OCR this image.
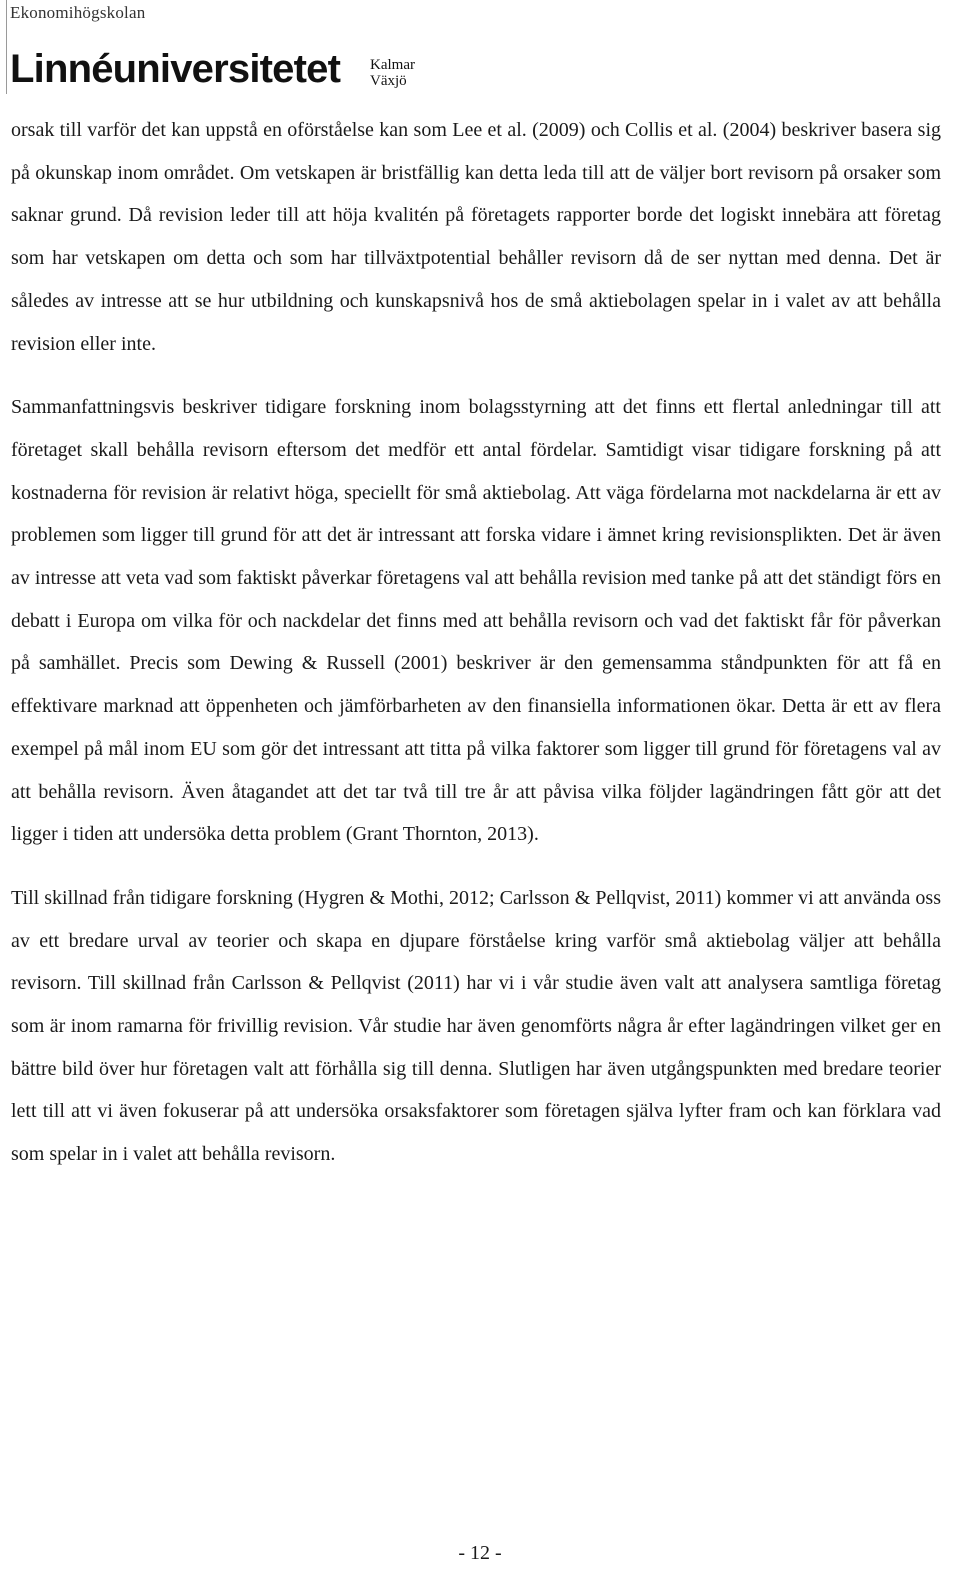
Ekonomihögskolan
Linnéuniversitetet Kalmar
Växjö

orsak till varför det kan uppstå en oförståelse kan som Lee et al. (2009) och Collis et al. (2004) beskriver basera sig på okunskap inom området. Om vetskapen är bristfällig kan detta leda till att de väljer bort revisorn på orsaker som saknar grund. Då revision leder till att höja kvalitén på företagets rapporter borde det logiskt innebära att företag som har vetskapen om detta och som har tillväxtpotential behåller revisorn då de ser nyttan med denna. Det är således av intresse att se hur utbildning och kunskapsnivå hos de små aktiebolagen spelar in i valet av att behålla revision eller inte.

Sammanfattningsvis beskriver tidigare forskning inom bolagsstyrning att det finns ett flertal anledningar till att företaget skall behålla revisorn eftersom det medför ett antal fördelar. Samtidigt visar tidigare forskning på att kostnaderna för revision är relativt höga, speciellt för små aktiebolag. Att väga fördelarna mot nackdelarna är ett av problemen som ligger till grund för att det är intressant att forska vidare i ämnet kring revisionsplikten. Det är även av intresse att veta vad som faktiskt påverkar företagens val att behålla revision med tanke på att det ständigt förs en debatt i Europa om vilka för och nackdelar det finns med att behålla revisorn och vad det faktiskt får för påverkan på samhället. Precis som Dewing & Russell (2001) beskriver är den gemensamma ståndpunkten för att få en effektivare marknad att öppenheten och jämförbarheten av den finansiella informationen ökar. Detta är ett av flera exempel på mål inom EU som gör det intressant att titta på vilka faktorer som ligger till grund för företagens val av att behålla revisorn. Även åtagandet att det tar två till tre år att påvisa vilka följder lagändringen fått gör att det ligger i tiden att undersöka detta problem (Grant Thornton, 2013).

Till skillnad från tidigare forskning (Hygren & Mothi, 2012; Carlsson & Pellqvist, 2011) kommer vi att använda oss av ett bredare urval av teorier och skapa en djupare förståelse kring varför små aktiebolag väljer att behålla revisorn. Till skillnad från Carlsson & Pellqvist (2011) har vi i vår studie även valt att analysera samtliga företag som är inom ramarna för frivillig revision. Vår studie har även genomförts några år efter lagändringen vilket ger en bättre bild över hur företagen valt att förhålla sig till denna. Slutligen har även utgångspunkten med bredare teorier lett till att vi även fokuserar på att undersöka orsaksfaktorer som företagen själva lyfter fram och kan förklara vad som spelar in i valet att behålla revisorn.

- 12 -
